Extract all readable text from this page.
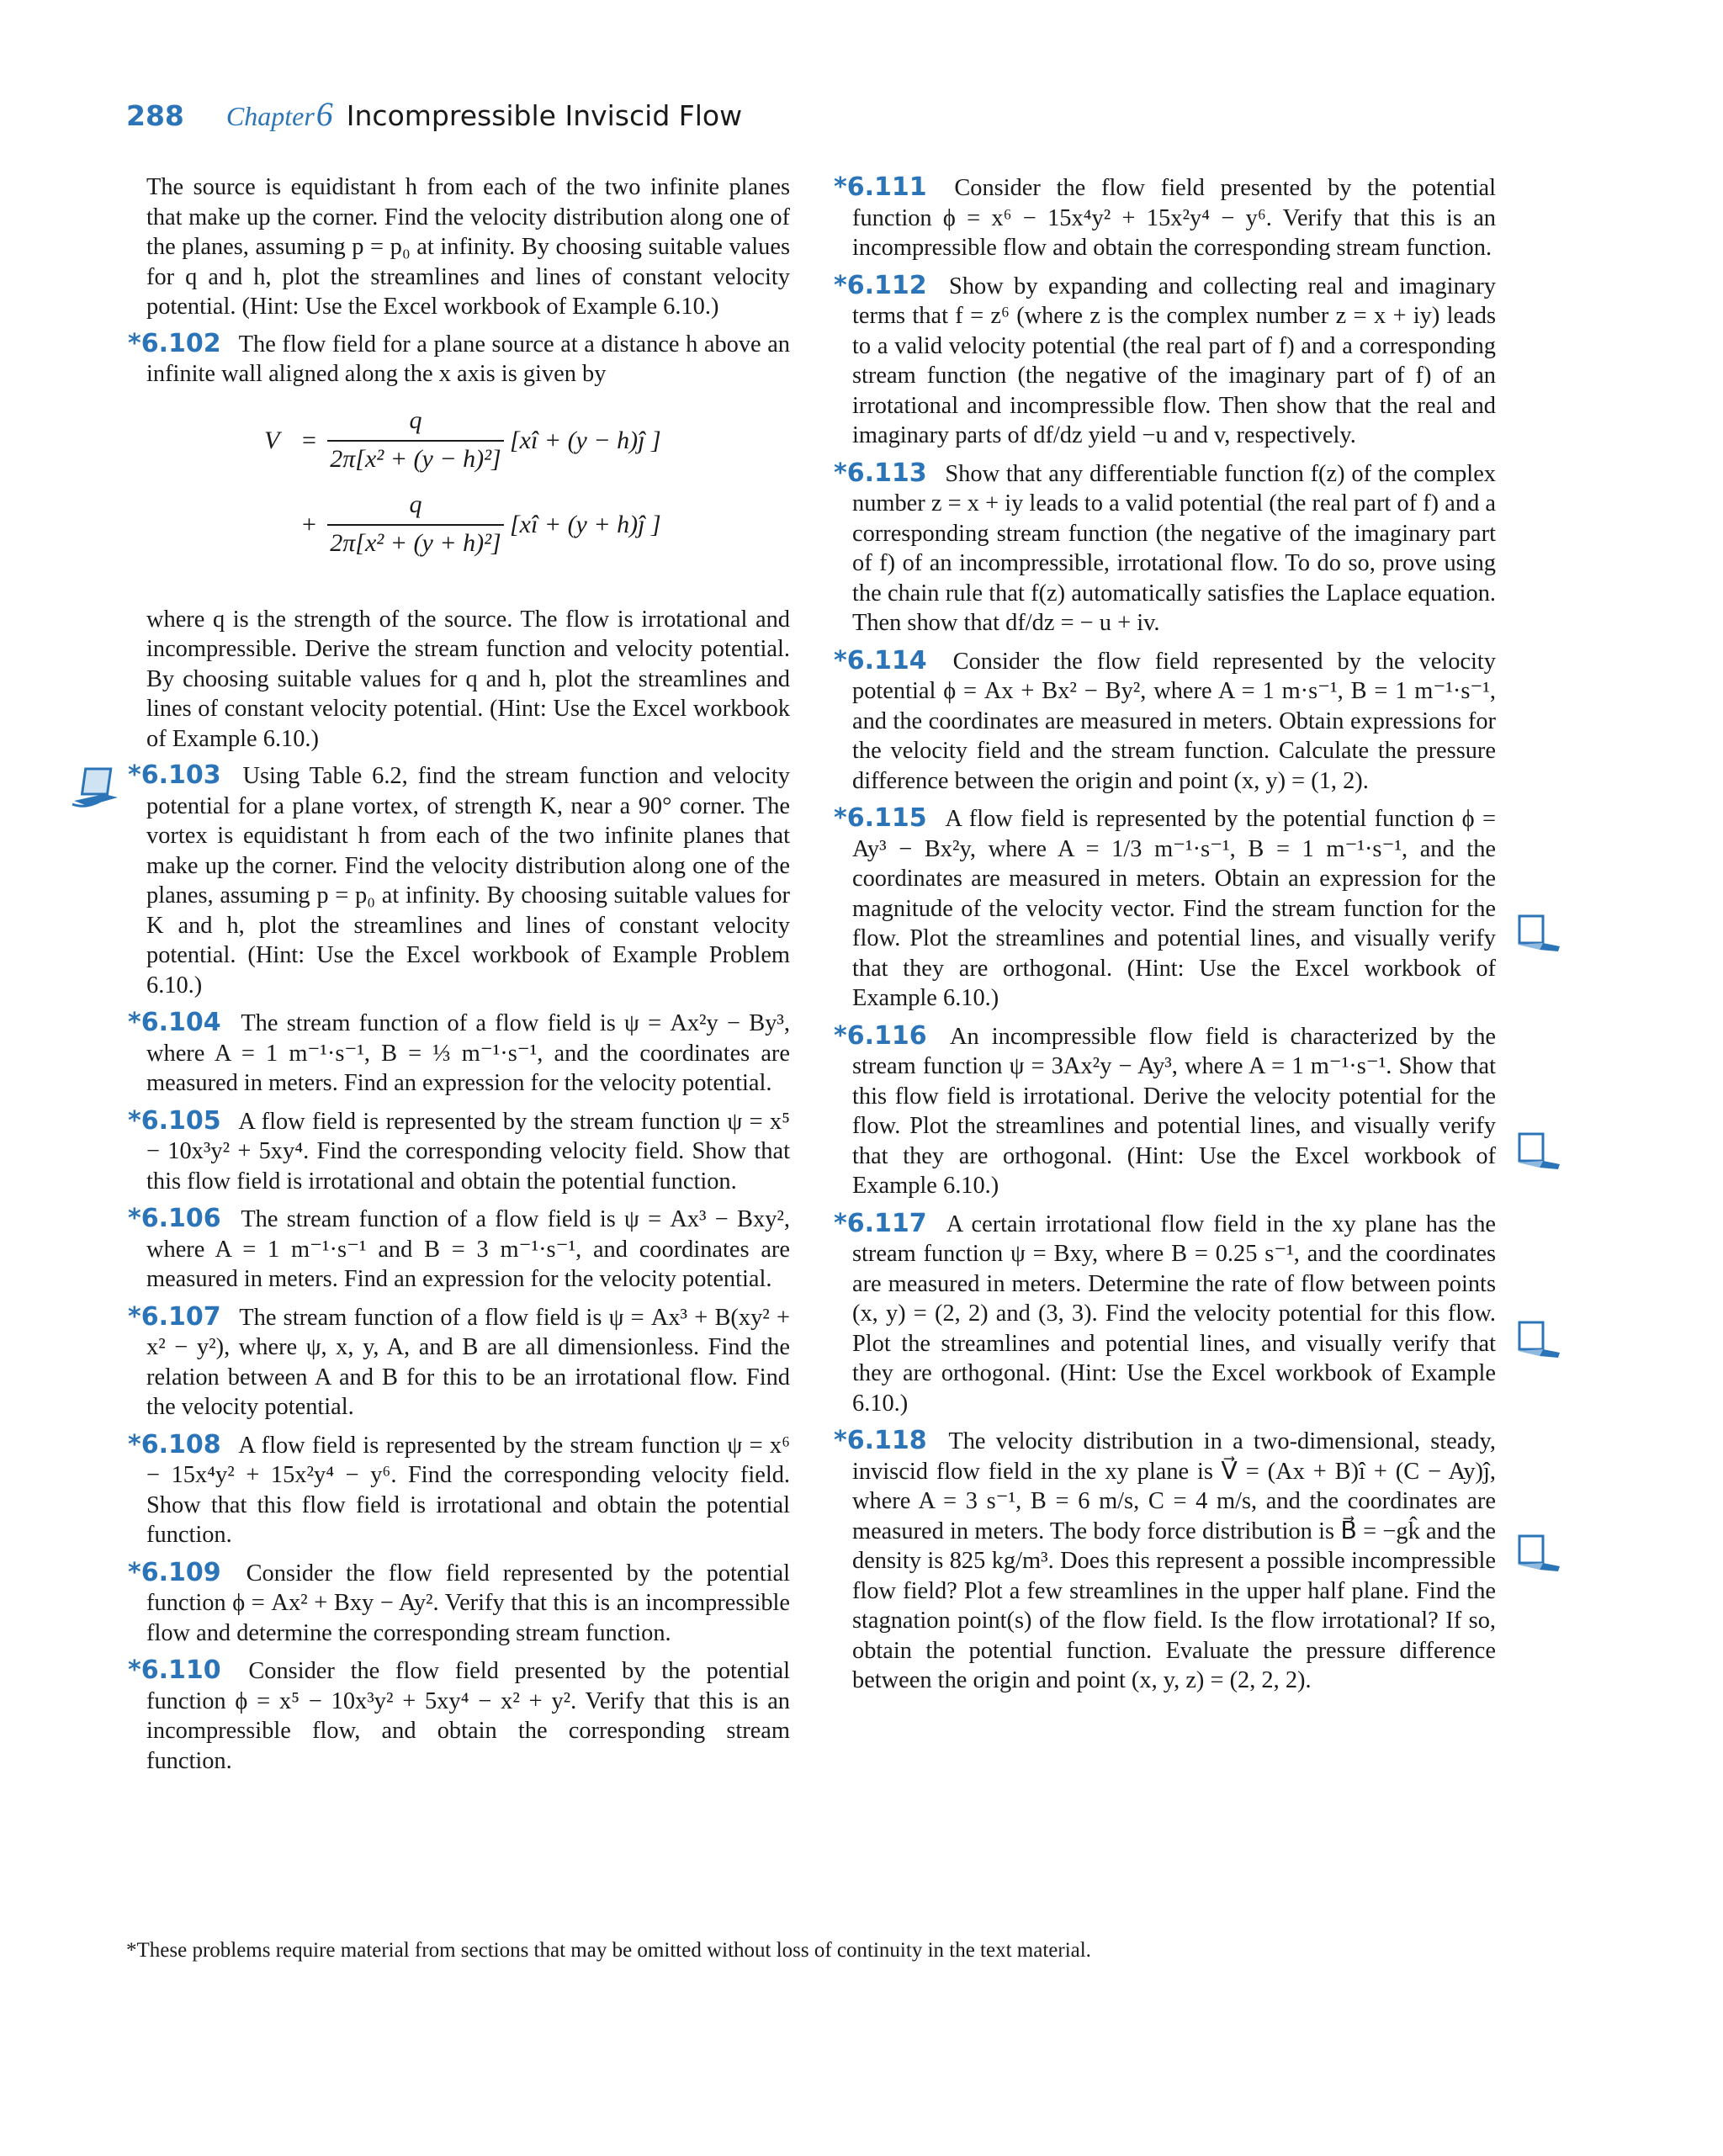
288 Chapter 6 Incompressible Inviscid Flow

The source is equidistant h from each of the two infinite planes that make up the corner. Find the velocity distribution along one of the planes, assuming p = p₀ at infinity. By choosing suitable values for q and h, plot the streamlines and lines of constant velocity potential. (Hint: Use the Excel workbook of Example 6.10.)

*6.102 The flow field for a plane source at a distance h above an infinite wall aligned along the x axis is given by
V⃗ =
q
2π[x² + (y − h)²]
[xî + (y − h)ĵ ]
+
q
2π[x² + (y + h)²]
[xî + (y + h)ĵ ]

where q is the strength of the source. The flow is irrotational and incompressible. Derive the stream function and velocity potential. By choosing suitable values for q and h, plot the streamlines and lines of constant velocity potential. (Hint: Use the Excel workbook of Example 6.10.)

*6.103 Using Table 6.2, find the stream function and velocity potential for a plane vortex, of strength K, near a 90° corner. The vortex is equidistant h from each of the two infinite planes that make up the corner. Find the velocity distribution along one of the planes, assuming p = p₀ at infinity. By choosing suitable values for K and h, plot the streamlines and lines of constant velocity potential. (Hint: Use the Excel workbook of Example Problem 6.10.)
*6.104 The stream function of a flow field is ψ = Ax²y − By³, where A = 1 m⁻¹·s⁻¹, B = ⅓ m⁻¹·s⁻¹, and the coordinates are measured in meters. Find an expression for the velocity potential.
*6.105 A flow field is represented by the stream function ψ = x⁵ − 10x³y² + 5xy⁴. Find the corresponding velocity field. Show that this flow field is irrotational and obtain the potential function.
*6.106 The stream function of a flow field is ψ = Ax³ − Bxy², where A = 1 m⁻¹·s⁻¹ and B = 3 m⁻¹·s⁻¹, and coordinates are measured in meters. Find an expression for the velocity potential.
*6.107 The stream function of a flow field is ψ = Ax³ + B(xy² + x² − y²), where ψ, x, y, A, and B are all dimensionless. Find the relation between A and B for this to be an irrotational flow. Find the velocity potential.
*6.108 A flow field is represented by the stream function ψ = x⁶ − 15x⁴y² + 15x²y⁴ − y⁶. Find the corresponding velocity field. Show that this flow field is irrotational and obtain the potential function.
*6.109 Consider the flow field represented by the potential function ϕ = Ax² + Bxy − Ay². Verify that this is an incompressible flow and determine the corresponding stream function.
*6.110 Consider the flow field presented by the potential function ϕ = x⁵ − 10x³y² + 5xy⁴ − x² + y². Verify that this is an incompressible flow, and obtain the corresponding stream function.
*6.111 Consider the flow field presented by the potential function ϕ = x⁶ − 15x⁴y² + 15x²y⁴ − y⁶. Verify that this is an incompressible flow and obtain the corresponding stream function.
*6.112 Show by expanding and collecting real and imaginary terms that f = z⁶ (where z is the complex number z = x + iy) leads to a valid velocity potential (the real part of f) and a corresponding stream function (the negative of the imaginary part of f) of an irrotational and incompressible flow. Then show that the real and imaginary parts of df/dz yield −u and v, respectively.
*6.113 Show that any differentiable function f(z) of the complex number z = x + iy leads to a valid potential (the real part of f) and a corresponding stream function (the negative of the imaginary part of f) of an incompressible, irrotational flow. To do so, prove using the chain rule that f(z) automatically satisfies the Laplace equation. Then show that df/dz = − u + iv.
*6.114 Consider the flow field represented by the velocity potential ϕ = Ax + Bx² − By², where A = 1 m·s⁻¹, B = 1 m⁻¹·s⁻¹, and the coordinates are measured in meters. Obtain expressions for the velocity field and the stream function. Calculate the pressure difference between the origin and point (x, y) = (1, 2).
*6.115 A flow field is represented by the potential function ϕ = Ay³ − Bx²y, where A = 1/3 m⁻¹·s⁻¹, B = 1 m⁻¹·s⁻¹, and the coordinates are measured in meters. Obtain an expression for the magnitude of the velocity vector. Find the stream function for the flow. Plot the streamlines and potential lines, and visually verify that they are orthogonal. (Hint: Use the Excel workbook of Example 6.10.)
*6.116 An incompressible flow field is characterized by the stream function ψ = 3Ax²y − Ay³, where A = 1 m⁻¹·s⁻¹. Show that this flow field is irrotational. Derive the velocity potential for the flow. Plot the streamlines and potential lines, and visually verify that they are orthogonal. (Hint: Use the Excel workbook of Example 6.10.)
*6.117 A certain irrotational flow field in the xy plane has the stream function ψ = Bxy, where B = 0.25 s⁻¹, and the coordinates are measured in meters. Determine the rate of flow between points (x, y) = (2, 2) and (3, 3). Find the velocity potential for this flow. Plot the streamlines and potential lines, and visually verify that they are orthogonal. (Hint: Use the Excel workbook of Example 6.10.)
*6.118 The velocity distribution in a two-dimensional, steady, inviscid flow field in the xy plane is V⃗ = (Ax + B)î + (C − Ay)ĵ, where A = 3 s⁻¹, B = 6 m/s, C = 4 m/s, and the coordinates are measured in meters. The body force distribution is B⃗ = −gk̂ and the density is 825 kg/m³. Does this represent a possible incompressible flow field? Plot a few streamlines in the upper half plane. Find the stagnation point(s) of the flow field. Is the flow irrotational? If so, obtain the potential function. Evaluate the pressure difference between the origin and point (x, y, z) = (2, 2, 2).
*These problems require material from sections that may be omitted without loss of continuity in the text material.
